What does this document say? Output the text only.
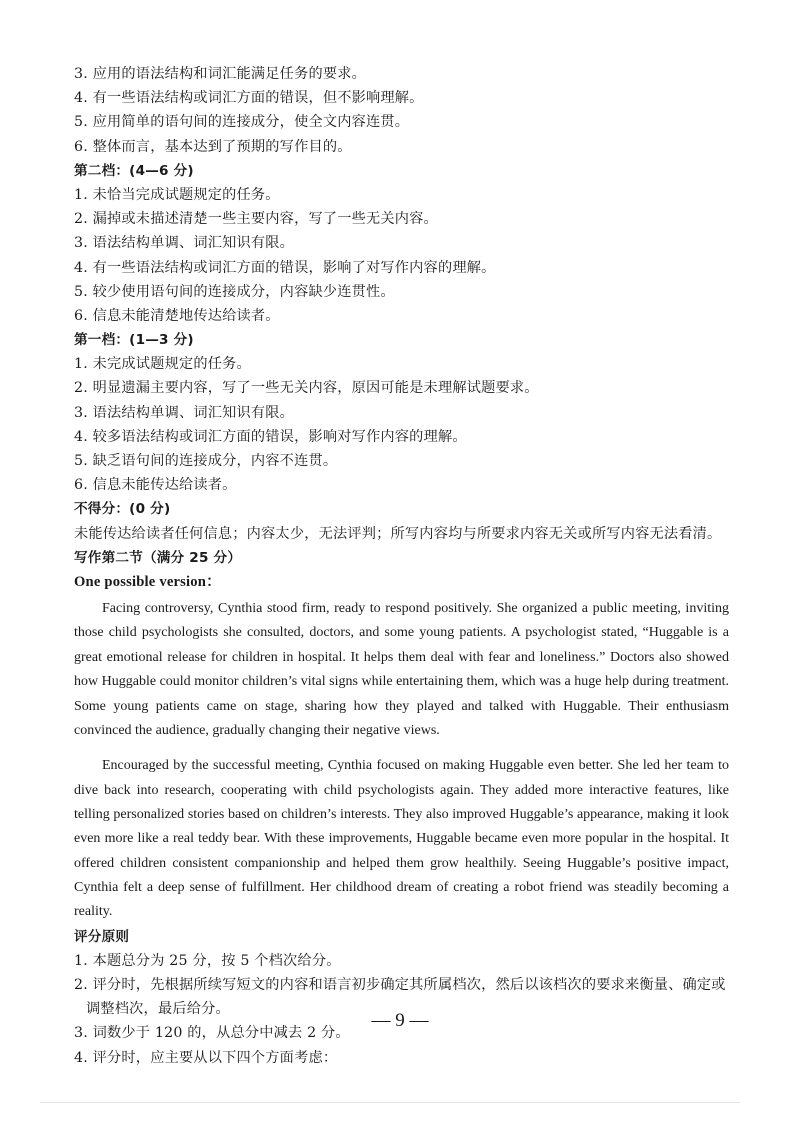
3. 应用的语法结构和词汇能满足任务的要求。
4. 有一些语法结构或词汇方面的错误，但不影响理解。
5. 应用简单的语句间的连接成分，使全文内容连贯。
6. 整体而言，基本达到了预期的写作目的。
第二档：(4—6 分)
1. 未恰当完成试题规定的任务。
2. 漏掉或未描述清楚一些主要内容，写了一些无关内容。
3. 语法结构单调、词汇知识有限。
4. 有一些语法结构或词汇方面的错误，影响了对写作内容的理解。
5. 较少使用语句间的连接成分，内容缺少连贯性。
6. 信息未能清楚地传达给读者。
第一档：(1—3 分)
1. 未完成试题规定的任务。
2. 明显遗漏主要内容，写了一些无关内容，原因可能是未理解试题要求。
3. 语法结构单调、词汇知识有限。
4. 较多语法结构或词汇方面的错误，影响对写作内容的理解。
5. 缺乏语句间的连接成分，内容不连贯。
6. 信息未能传达给读者。
不得分：(0 分)
未能传达给读者任何信息；内容太少，无法评判；所写内容均与所要求内容无关或所写内容无法看清。
写作第二节（满分 25 分）
One possible version：

Facing controversy, Cynthia stood firm, ready to respond positively. She organized a public meeting, inviting those child psychologists she consulted, doctors, and some young patients. A psychologist stated, “Huggable is a great emotional release for children in hospital. It helps them deal with fear and loneliness.” Doctors also showed how Huggable could monitor children’s vital signs while entertaining them, which was a huge help during treatment. Some young patients came on stage, sharing how they played and talked with Huggable. Their enthusiasm convinced the audience, gradually changing their negative views.

Encouraged by the successful meeting, Cynthia focused on making Huggable even better. She led her team to dive back into research, cooperating with child psychologists again. They added more interactive features, like telling personalized stories based on children’s interests. They also improved Huggable’s appearance, making it look even more like a real teddy bear. With these improvements, Huggable became even more popular in the hospital. It offered children consistent companionship and helped them grow healthily. Seeing Huggable’s positive impact, Cynthia felt a deep sense of fulfillment. Her childhood dream of creating a robot friend was steadily becoming a reality.

评分原则
1. 本题总分为 25 分，按 5 个档次给分。
2. 评分时，先根据所续写短文的内容和语言初步确定其所属档次，然后以该档次的要求来衡量、确定或调整档次，最后给分。
3. 词数少于 120 的，从总分中减去 2 分。
4. 评分时，应主要从以下四个方面考虑：
— 9 —
